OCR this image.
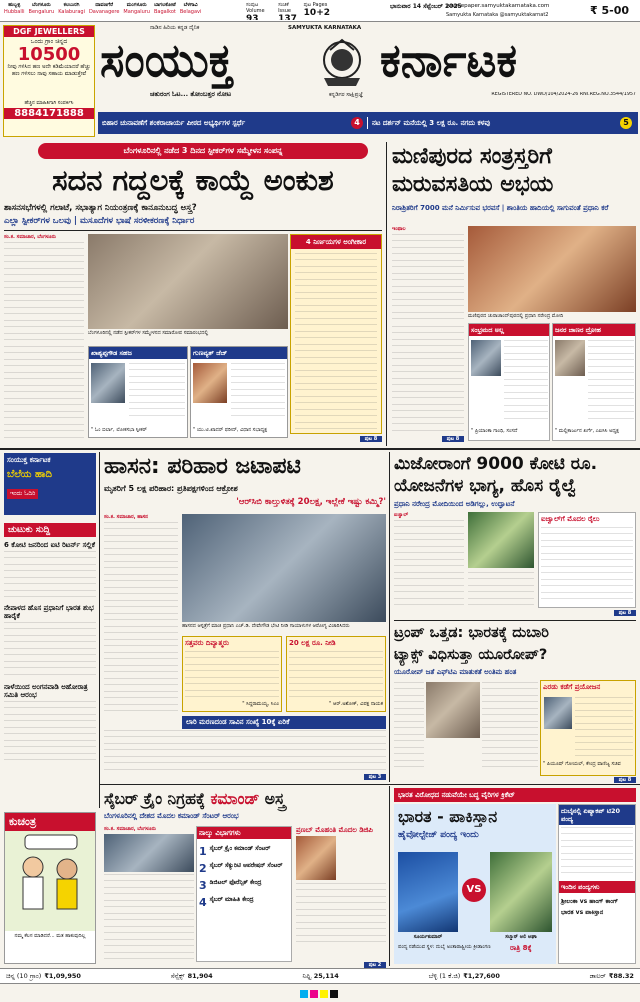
ಹುಬ್ಬಳ್ಳಿ
Hubballi
ಬೆಂಗಳೂರು
Bengaluru
ಕಲಬುರಗಿ
Kalaburagi
ದಾವಣಗೆರೆ
Davanagere
ಮಂಗಳೂರು
Mangaluru
ಬಾಗಲಕೋಟೆ
Bagalkot
ಬೆಳಗಾವಿ
Belagavi
ಸಂಪುಟ Volume
93
ಸಂಚಿಕೆ Issue
137
ಪುಟ Pages
10+2
ಭಾನುವಾರ 14 ಸೆಪ್ಟೆಂಬರ್ 2025
www.epaper.samyuktakarnataka.com
Samyukta Karnataka @samyuktakarnat2	₹ 5-00
DGF JEWELLERS
ಒಂದು ಗ್ರಾಂ ಚಿನ್ನದ
10500
ನೀವು ಗಳಿಸಿದ ಹಣ ಅದೇ ಕಡಿಮೆಯಾದರೆ ಹೆಚ್ಚು ಹಣ ಗಳಿಸಲು ನಾವು ಸಹಾಯ ಮಾಡುತ್ತೇವೆ
ಹೆಚ್ಚಿನ ಮಾಹಿತಿಗಾಗಿ ಸಂಪರ್ಕಿಸಿ
8884171888
ನಾಡಿನ ಹಿರಿಯ ಕನ್ನಡ ದೈನಿಕ	SAMYUKTA KARNATAKA
ಸಂಯುಕ್ತ	ಕರ್ನಾಟಕ
ಚತುರಂಗ ಓಟ... ತೋಂಬತ್ತರ ನೋಟ	ಕನ್ನಡಿಗರ ಸಾಕ್ಷಿಪ್ರಜ್ಞೆ	REGISTERED NO. DWD/104/2024-26 RNI.REG.NO.3544/1957
ಬಿಹಾರ ಚುನಾವಣೆಗೆ ಶಂಕರಾಚಾರ್ಯ ಪೀಠದ ಅಭ್ಯರ್ಥಿಗಳ ಸ್ಪರ್ಧೆ	4	ನಟ ದರ್ಶನ್ ಮನೆಯಲ್ಲಿ 3 ಲಕ್ಷ ರೂ. ನಗದು ಕಳವು	5
ಬೆಂಗಳೂರಿನಲ್ಲಿ ನಡೆದ 3 ದಿನದ ಸ್ಪೀಕರ್‌ಗಳ ಸಮ್ಮೇಳನ ಸಂಪನ್ನ
ಸದನ ಗದ್ದಲಕ್ಕೆ ಕಾಯ್ದೆ ಅಂಕುಶ
ಶಾಸನಸಭೆಗಳಲ್ಲಿ ಗಲಾಟೆ, ಸಭಾತ್ಯಾಗ ನಿಯಂತ್ರಣಕ್ಕೆ ಕಾನೂನುಬದ್ಧ ಅಸ್ತ್ರ?
ಎಲ್ಲಾ ಸ್ಪೀಕರ್‌ಗಳ ಒಲವು | ಮಸೂದೆಗಳ ಭಾಷೆ ಸರಳೀಕರಣಕ್ಕೆ ನಿರ್ಧಾರ
ಸಂ.ಕ. ಸಮಾಚಾರ, ಬೆಂಗಳೂರು
ಬೆಂಗಳೂರಿನಲ್ಲಿ ನಡೆದ ಸ್ಪೀಕರ್‌ಗಳ ಸಮ್ಮೇಳನದ ಸಮಾರೋಪ ಸಮಾರಂಭದಲ್ಲಿ
4 ನಿರ್ಣಯಗಳ ಅಂಗೀಕಾರ
ಖಾಶ್ಯಪ್ಪಗೌಡ ಸಹಜ
" ಓಂ ಬಿರ್ಲಾ, ಲೋಕಸಭಾ ಸ್ಪೀಕರ್
ಗುಣವ್ಯತ್ ಜೆಜ್
" ಯು.ಟಿ.ಖಾದರ್ ಫರೀದ್, ವಿಧಾನ ಸಭಾಧ್ಯಕ್ಷ
ಪುಟ 8
ಮಣಿಪುರದ ಸಂತ್ರಸ್ತರಿಗೆ
ಮರುವಸತಿಯ ಅಭಯ
ನಿರಾಶ್ರಿತರಿಗೆ 7000 ಮನೆ ನಿರ್ಮಿಸುವ ಭರವಸೆ | ಶಾಂತಿಯ ಹಾದಿಯಲ್ಲಿ ಸಾಗುವಂತೆ ಪ್ರಧಾನಿ ಕರೆ
ಇಂಫಾಲ
ಮಣಿಪುರದ ಚುರಾಚಾಂದ್‌ಪುರದಲ್ಲಿ ಪ್ರಧಾನಿ ನರೇಂದ್ರ ಮೋದಿ
ಸಂಭ್ರಮದ ಅಲ್ಲ
" ಪ್ರಿಯಾಂಕಾ ಗಾಂಧಿ, ಸಂಸದೆ
ಜನರ ಜಾಣರ ದ್ರೋಹ
" ಮಲ್ಲಿಕಾರ್ಜುನ ಖರ್ಗೆ, ಎಐಸಿಸಿ ಅಧ್ಯಕ್ಷ
ಪುಟ 8
ಸಂಯುಕ್ತ ಕರ್ನಾಟಕ
ಬೆಲೆಯ ಹಾದಿ
ಇಂದು ಓದಿರಿ
ಚುಟುಕು ಸುದ್ದಿ
6 ಕೋಟಿ ಜನರಿಂದ ಐಟಿ ರಿಟರ್ನ್ ಸಲ್ಲಿಕೆ
ನೇಪಾಳದ ಹೊಸ ಪ್ರಧಾನಿಗೆ ಭಾರತ ಶುಭ ಹಾರೈಕೆ
ನಾಳೆಯಿಂದ ಅಂಗನವಾಡಿ ಅಹೋರಾತ್ರ ಸಮಿತಿ ಆರಂಭ
ಹಾಸನ: ಪರಿಹಾರ ಜಟಾಪಟಿ
ಮೃತರಿಗೆ 5 ಲಕ್ಷ ಪರಿಹಾರ: ಪ್ರತಿಪಕ್ಷಗಳಿಂದ ಆಕ್ರೋಶ
'ಆರ್‌ಸಿಬಿ ಕಾಲ್ತುಳಿತಕ್ಕೆ 20ಲಕ್ಷ, ಇಲ್ಲೇಕೆ ಇಷ್ಟು ಕಮ್ಮಿ?'
ಸಂ.ಕ. ಸಮಾಚಾರ, ಹಾಸನ
ಹಾಸನದ ಆಸ್ಪತ್ರೆಗೆ ಮಾಜಿ ಪ್ರಧಾನಿ ಎಚ್.ಡಿ. ದೇವೇಗೌಡ ಭೇಟಿ ನೀಡಿ ಗಾಯಾಳುಗಳ ಆರೋಗ್ಯ ವಿಚಾರಿಸಿದರು
ಸತ್ತವರು ದಿವ್ಯಾತ್ಮರು
" ಸಿದ್ದರಾಮಯ್ಯ, ಸಿಎಂ
20 ಲಕ್ಷ ರೂ. ನೀಡಿ
" ಆರ್.ಅಶೋಕ್, ವಿಪಕ್ಷ ನಾಯಕ
ಲಾರಿ ಮರಣದಂಡ ಸಾವಿನ ಸಂಖ್ಯೆ 10ಕ್ಕೆ ಏರಿಕೆ
ಪುಟ 3
ಮಿಜೋರಾಂಗೆ 9000 ಕೋಟಿ ರೂ.
ಯೋಜನೆಗಳ ಭಾಗ್ಯ, ಹೊಸ ರೈಲ್ವೆ
ಪ್ರಧಾನಿ ನರೇಂದ್ರ ಮೋದಿಯಿಂದ ಅಡಿಗಲ್ಲು, ಉದ್ಘಾಟನೆ
ಐಜ್ವಾಲ್	ಐಜ್ವಾಲ್‌ಗೆ ಮೊದಲ ರೈಲು
ಪುಟ 8
ಟ್ರಂಪ್ ಒತ್ತಡ: ಭಾರತಕ್ಕೆ ದುಬಾರಿ
ಟ್ಯಾಕ್ಸ್ ವಿಧಿಸುತ್ತಾ ಯೂರೋಪ್?
ಯೂರೋಪ್ ಜತೆ ಎಫ್‌ಟಿಎ ಮಾತುಕತೆ ಅಂತಿಮ ಹಂತ
ಎರಡು ಕಡೆಗೆ ಪ್ರಯೋಜನ
" ಪಿಯೂಷ್ ಗೋಯಲ್, ಕೇಂದ್ರ ವಾಣಿಜ್ಯ ಸಚಿವ
ಪುಟ 8
ಕುಚಂತ್ರ
ನಮ್ಮ ಕೆಲಸ ಮಾಡಿದರೆ... ಮತ ಹಾಕುವುದಿಲ್ಲ
ಸೈಬರ್ ಕ್ರೈಂ ನಿಗ್ರಹಕ್ಕೆ ಕಮಾಂಡ್ ಅಸ್ತ್ರ
ಬೆಂಗಳೂರಿನಲ್ಲಿ ದೇಶದ ಮೊದಲ ಕಮಾಂಡ್ ಸೆಂಟರ್ ಆರಂಭ
ಸಂ.ಕ. ಸಮಾಚಾರ, ಬೆಂಗಳೂರು	ನಾಲ್ಕು ವಿಭಾಗಗಳು
1 ಸೈಬರ್ ಕ್ರೈಂ ಕಮಾಂಡ್ ಸೆಂಟರ್
2 ಸೈಬರ್ ಸೆಕ್ಯುರಿಟಿ ಆಪರೇಷನ್ ಸೆಂಟರ್
3 ಡಿಜಿಟಲ್ ಫೊರೆನ್ಸಿಕ್ ಕೇಂದ್ರ
4 ಸೈಬರ್ ಮಾಹಿತಿ ಕೇಂದ್ರ
ಪ್ರಣಬ್ ಮೊಹಂತಿ ಮೊದಲ ಡಿಜಿಪಿ
ಪುಟ 2
ಭಾರತ ವಿರೋಧದ ನಡುವೆಯೇ ಬದ್ಧ ವೈರಿಗಳ ಕ್ರಿಕೆಟ್
ಭಾರತ - ಪಾಕಿಸ್ತಾನ
ಹೈವೋಲ್ಟೇಜ್ ಪಂದ್ಯ ಇಂದು
ಸೂರ್ಯಕುಮಾರ್
VS
ಸಲ್ಮಾನ್ ಅಲಿ ಅಘಾ
ಪಂದ್ಯ ನಡೆಯುವ ಸ್ಥಳ: ದುಬೈ ಅಂತಾರಾಷ್ಟ್ರೀಯ ಕ್ರೀಡಾಂಗಣ	ರಾತ್ರಿ 8ಕ್ಕೆ
ದುಬೈನಲ್ಲಿ ಏಷ್ಯಾಕಪ್ ಟಿ20 ಪಂದ್ಯ
ಇಂದಿನ ಪಂದ್ಯಗಳು
ಶ್ರೀಲಂಕಾ vs ಹಾಂಗ್ ಕಾಂಗ್
ಭಾರತ vs ಪಾಕಿಸ್ತಾನ
ಚಿನ್ನ (10 ಗ್ರಾಂ) ₹1,09,950	ಸೆನ್ಸೆಕ್ಸ್ 81,904	ನಿಫ್ಟಿ 25,114	ಬೆಳ್ಳಿ (1 ಕೆ.ಜಿ) ₹1,27,600	ಡಾಲರ್ ₹88.32
